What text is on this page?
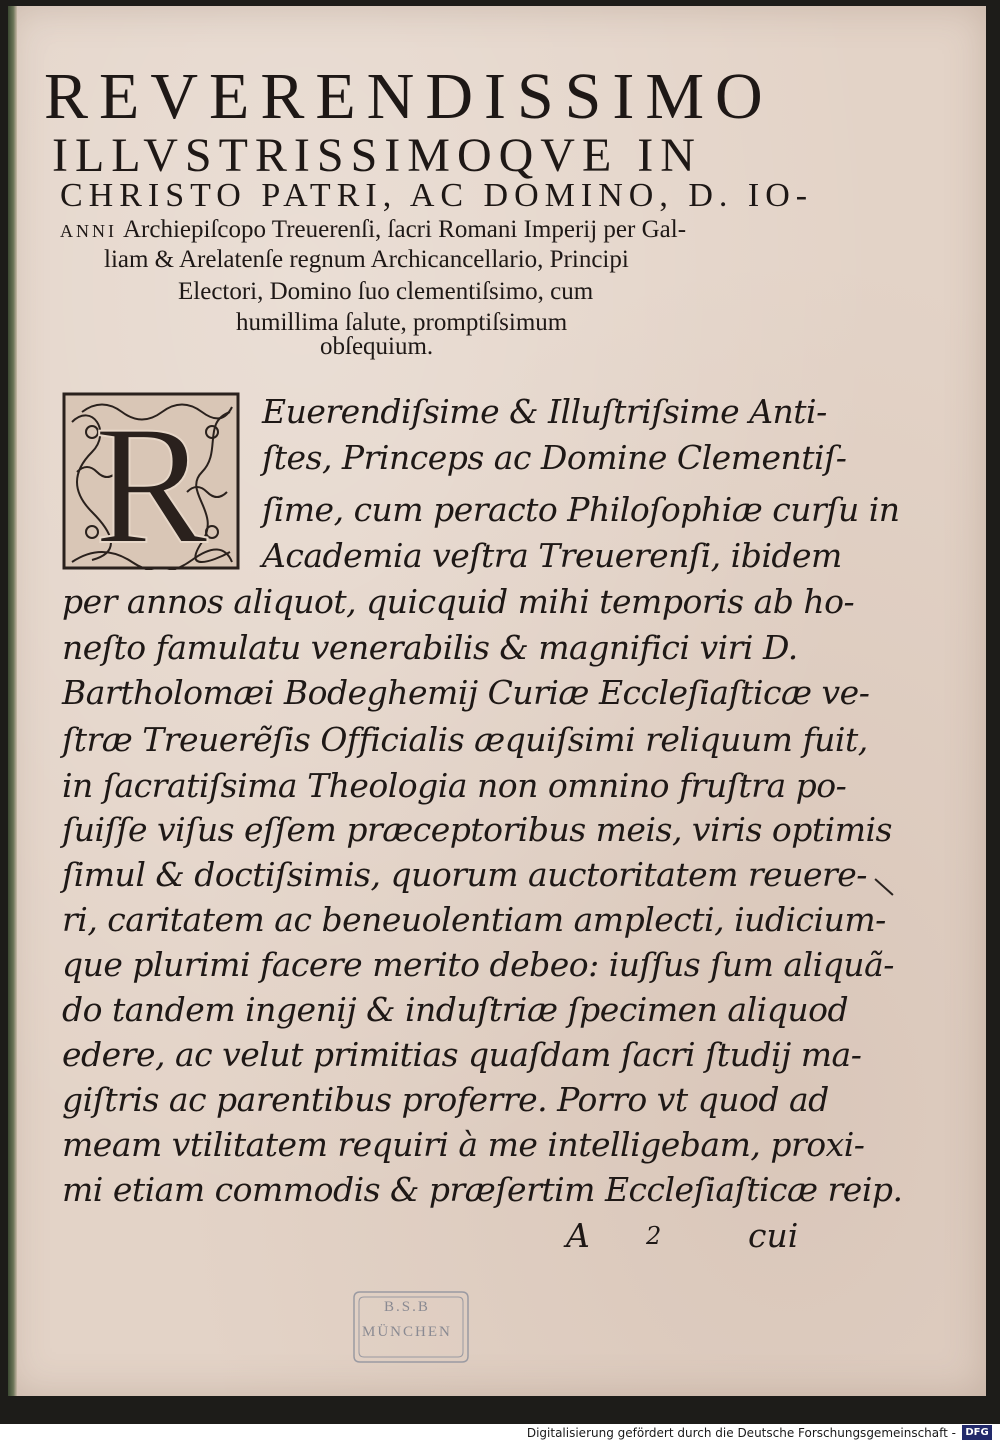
REVERENDISSIMO
ILLVSTRISSIMOQVE IN
CHRISTO PATRI, AC DOMINO, D. IO-
ANNI Archiepiſcopo Treuerenſi, ſacri Romani Imperij per Gal-
liam & Arelatenſe regnum Archicancellario, Principi
Electori, Domino ſuo clementiſsimo, cum
humillima ſalute, promptiſsimum
obſequium.
R Euerendiſsime & Illuſtriſsime Anti-
ſtes, Princeps ac Domine Clementiſ-
ſime, cum peracto Philoſophiæ curſu in
Academia veſtra Treuerenſi, ibidem
per annos aliquot, quicquid mihi temporis ab ho-
neſto famulatu venerabilis & magnifici viri D.
Bartholomæi Bodeghemij Curiæ Eccleſiaſticæ ve-
ſtræ Treuerẽſis Officialis æquiſsimi reliquum fuit,
in ſacratiſsima Theologia non omnino fruſtra po-
ſuiſſe viſus eſſem præceptoribus meis, viris optimis
ſimul & doctiſsimis, quorum auctoritatem reuere-
ri, caritatem ac beneuolentiam amplecti, iudicium-
que plurimi facere merito debeo: iuſſus ſum aliquã-
do tandem ingenij & induſtriæ ſpecimen aliquod
edere, ac velut primitias quaſdam ſacri ſtudij ma-
giſtris ac parentibus proferre. Porro vt quod ad
meam vtilitatem requiri à me intelligebam, proxi-
mi etiam commodis & præſertim Eccleſiaſticæ reip.
A 2	cui
B.S.B
MÜNCHEN
Digitalisierung gefördert durch die Deutsche Forschungsgemeinschaft - DFG
